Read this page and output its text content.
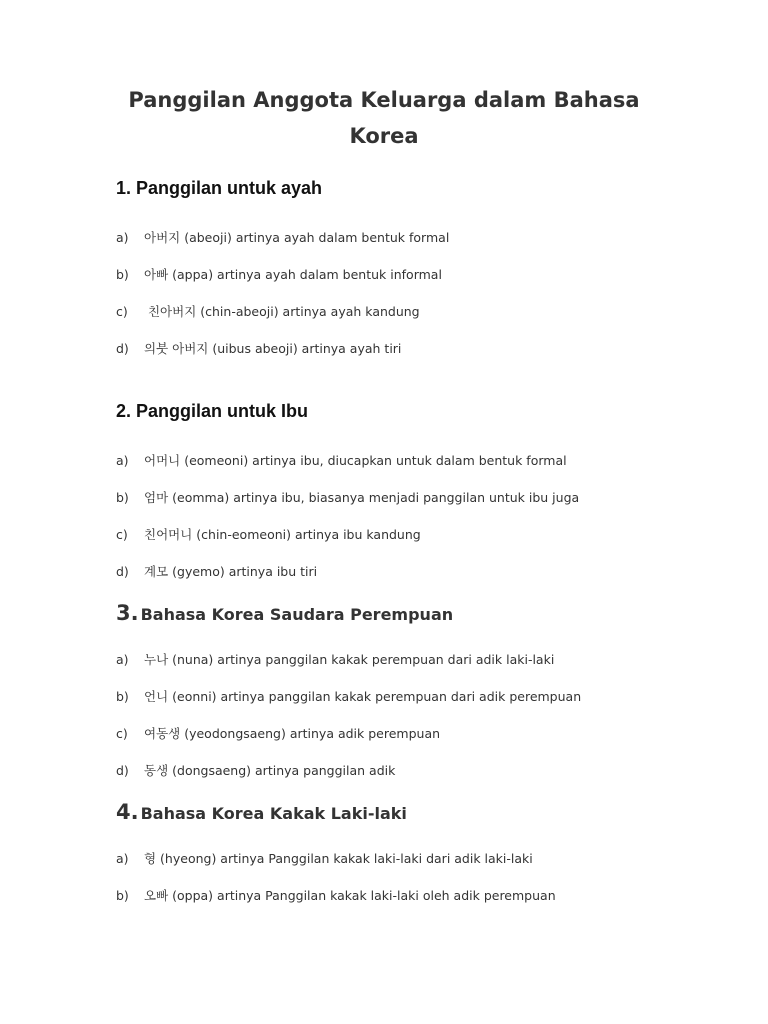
Panggilan Anggota Keluarga dalam Bahasa Korea
1. Panggilan untuk ayah

a) 아버지 (abeoji) artinya ayah dalam bentuk formal

b) 아빠 (appa) artinya ayah dalam bentuk informal

c) 친아버지 (chin-abeoji) artinya ayah kandung

d) 의붓 아버지 (uibus abeoji) artinya ayah tiri

2. Panggilan untuk Ibu

a) 어머니 (eomeoni) artinya ibu, diucapkan untuk dalam bentuk formal

b) 엄마 (eomma) artinya ibu, biasanya menjadi panggilan untuk ibu juga

c) 친어머니 (chin-eomeoni) artinya ibu kandung

d) 계모 (gyemo) artinya ibu tiri

3. Bahasa Korea Saudara Perempuan

a) 누나 (nuna) artinya panggilan kakak perempuan dari adik laki-laki

b) 언니 (eonni) artinya panggilan kakak perempuan dari adik perempuan

c) 여동생 (yeodongsaeng) artinya adik perempuan

d) 동생 (dongsaeng) artinya panggilan adik

4. Bahasa Korea Kakak Laki-laki

a) 형 (hyeong) artinya Panggilan kakak laki-laki dari adik laki-laki

b) 오빠 (oppa) artinya Panggilan kakak laki-laki oleh adik perempuan
